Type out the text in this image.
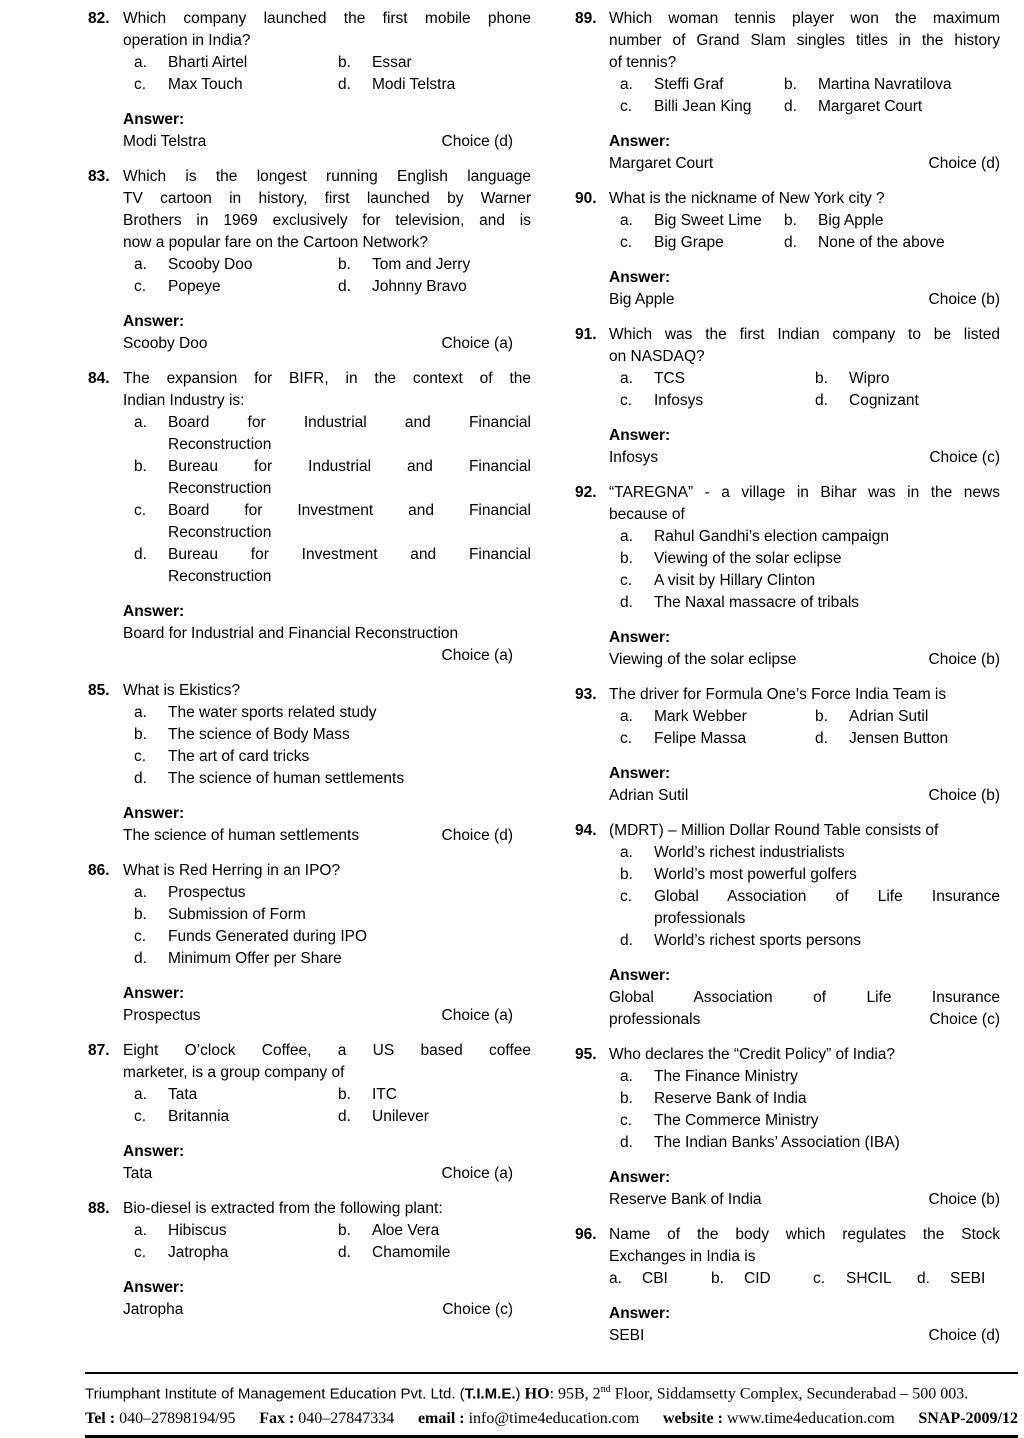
82. Which company launched the first mobile phone
operation in India?
a.	Bharti Airtel	b.	Essar
c.	Max Touch	d.	Modi Telstra
Answer:
Modi Telstra	Choice (d)
83. Which is the longest running English language
TV cartoon in history, first launched by Warner
Brothers in 1969 exclusively for television, and is
now a popular fare on the Cartoon Network?
a.	Scooby Doo	b.	Tom and Jerry
c.	Popeye	d.	Johnny Bravo
Answer:
Scooby Doo	Choice (a)
84. The expansion for BIFR, in the context of the
Indian Industry is:
a.	Board for Industrial and Financial
Reconstruction
b.	Bureau for Industrial and Financial
Reconstruction
c.	Board for Investment and Financial
Reconstruction
d.	Bureau for Investment and Financial
Reconstruction
Answer:
Board for Industrial and Financial Reconstruction
Choice (a)
85. What is Ekistics?
a.	The water sports related study
b.	The science of Body Mass
c.	The art of card tricks
d.	The science of human settlements
Answer:
The science of human settlements	Choice (d)
86. What is Red Herring in an IPO?
a.	Prospectus
b.	Submission of Form
c.	Funds Generated during IPO
d.	Minimum Offer per Share
Answer:
Prospectus	Choice (a)
87. Eight O’clock Coffee, a US based coffee
marketer, is a group company of
a.	Tata	b.	ITC
c.	Britannia	d.	Unilever
Answer:
Tata	Choice (a)
88. Bio-diesel is extracted from the following plant:
a.	Hibiscus	b.	Aloe Vera
c.	Jatropha	d.	Chamomile
Answer:
Jatropha	Choice (c)
89. Which woman tennis player won the maximum
number of Grand Slam singles titles in the history
of tennis?
a.	Steffi Graf	b.	Martina Navratilova
c.	Billi Jean King	d.	Margaret Court
Answer:
Margaret Court	Choice (d)
90. What is the nickname of New York city ?
a.	Big Sweet Lime	b.	Big Apple
c.	Big Grape	d.	None of the above
Answer:
Big Apple	Choice (b)
91. Which was the first Indian company to be listed
on NASDAQ?
a.	TCS	b.	Wipro
c.	Infosys	d.	Cognizant
Answer:
Infosys	Choice (c)
92. “TAREGNA” - a village in Bihar was in the news
because of
a.	Rahul Gandhi’s election campaign
b.	Viewing of the solar eclipse
c.	A visit by Hillary Clinton
d.	The Naxal massacre of tribals
Answer:
Viewing of the solar eclipse	Choice (b)
93. The driver for Formula One’s Force India Team is
a.	Mark Webber	b.	Adrian Sutil
c.	Felipe Massa	d.	Jensen Button
Answer:
Adrian Sutil	Choice (b)
94. (MDRT) – Million Dollar Round Table consists of
a.	World’s richest industrialists
b.	World’s most powerful golfers
c.	Global Association of Life Insurance
professionals
d.	World’s richest sports persons
Answer:
Global Association of Life Insurance
professionals	Choice (c)
95. Who declares the “Credit Policy” of India?
a.	The Finance Ministry
b.	Reserve Bank of India
c.	The Commerce Ministry
d.	The Indian Banks’ Association (IBA)
Answer:
Reserve Bank of India	Choice (b)
96. Name of the body which regulates the Stock
Exchanges in India is
a.	CBI	b.	CID	c.	SHCIL	d.	SEBI
Answer:
SEBI	Choice (d)
Triumphant Institute of Management Education Pvt. Ltd. (T.I.M.E.) HO: 95B, 2nd Floor, Siddamsetty Complex, Secunderabad – 500 003.
Tel : 040–27898194/95 Fax : 040–27847334 email : info@time4education.com website : www.time4education.com SNAP-2009/12
